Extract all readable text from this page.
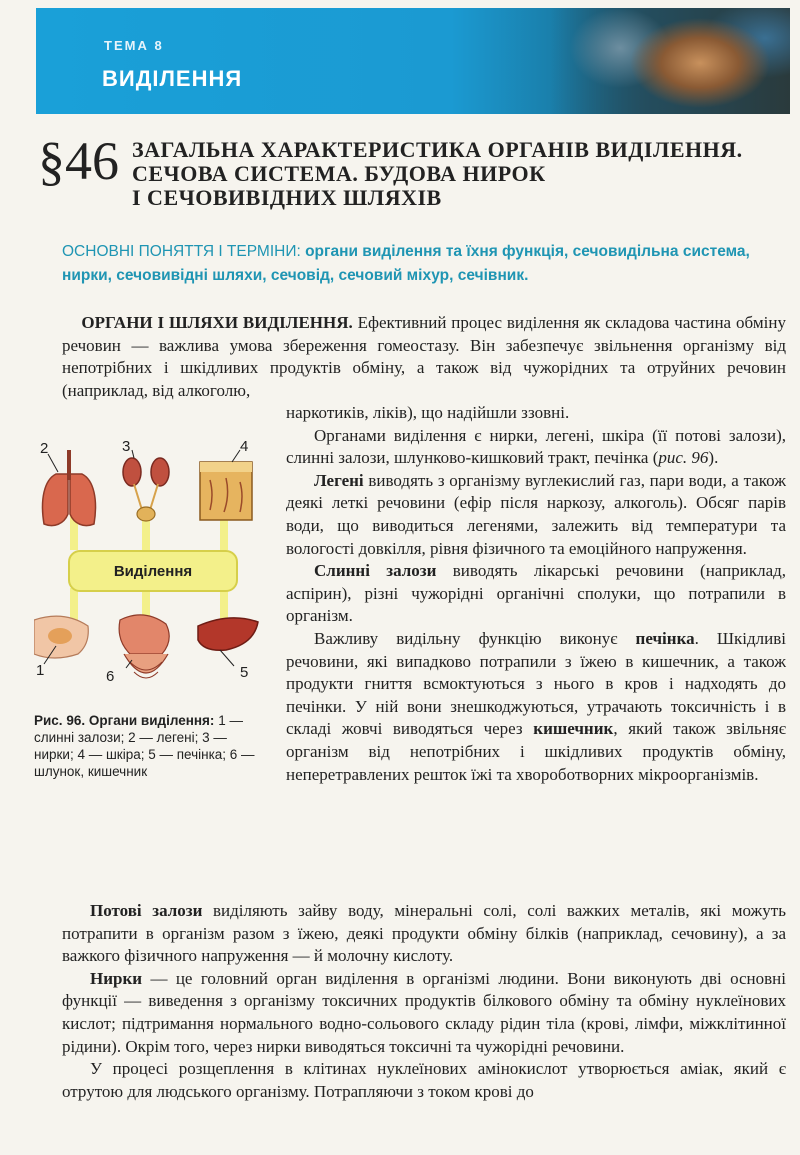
ТЕМА 8
ВИДІЛЕННЯ
§46 ЗАГАЛЬНА ХАРАКТЕРИСТИКА ОРГАНІВ ВИДІЛЕННЯ.
СЕЧОВА СИСТЕМА. БУДОВА НИРОК
І СЕЧОВИВІДНИХ ШЛЯХІВ
ОСНОВНІ ПОНЯТТЯ І ТЕРМІНИ: органи виділення та їхня функція, сечовидільна система, нирки, сечовивідні шляхи, сечовід, сечовий міхур, сечівник.

ОРГАНИ І ШЛЯХИ ВИДІЛЕННЯ. Ефективний процес виділення як складова частина обміну речовин — важлива умова збереження гомеостазу. Він забезпечує звільнення організму від непотрібних і шкідливих продуктів обміну, а також від чужорідних та отруйних речовин (наприклад, від алкоголю,

наркотиків, ліків), що надійшли ззовні.

Органами виділення є нирки, легені, шкіра (її потові залози), слинні залози, шлунково-кишковий тракт, печінка (рис. 96).

Легені виводять з організму вуглекислий газ, пари води, а також деякі леткі речовини (ефір після наркозу, алкоголь). Обсяг парів води, що виводиться легенями, залежить від температури та вологості довкілля, рівня фізичного та емоційного напруження.

Слинні залози виводять лікарські речовини (наприклад, аспірин), різні чужорідні органічні сполуки, що потрапили в організм.

Важливу видільну функцію виконує печінка. Шкідливі речовини, які випадково потрапили з їжею в кишечник, а також продукти гниття всмоктуються з нього в кров і надходять до печінки. У ній вони знешкоджуються, утрачають токсичність і в складі жовчі виводяться через кишечник, який також звільняє організм від непотрібних і шкідливих продуктів обміну, неперетравлених решток їжі та хвороботворних мікроорганізмів.

2	3	4
1	6	5
Виділення
Рис. 96. Органи виділення: 1 — слинні залози; 2 — легені; 3 — нирки; 4 — шкіра; 5 — печінка; 6 — шлунок, кишечник

Потові залози виділяють зайву воду, мінеральні солі, солі важких металів, які можуть потрапити в організм разом з їжею, деякі продукти обміну білків (наприклад, сечовину), а за важкого фізичного напруження — й молочну кислоту.

Нирки — це головний орган виділення в організмі людини. Вони виконують дві основні функції — виведення з організму токсичних продуктів білкового обміну та обміну нуклеїнових кислот; підтримання нормального водно-сольового складу рідин тіла (крові, лімфи, міжклітинної рідини). Окрім того, через нирки виводяться токсичні та чужорідні речовини.

У процесі розщеплення в клітинах нуклеїнових амінокислот утворюється аміак, який є отрутою для людського організму. Потрапляючи з током крові до
